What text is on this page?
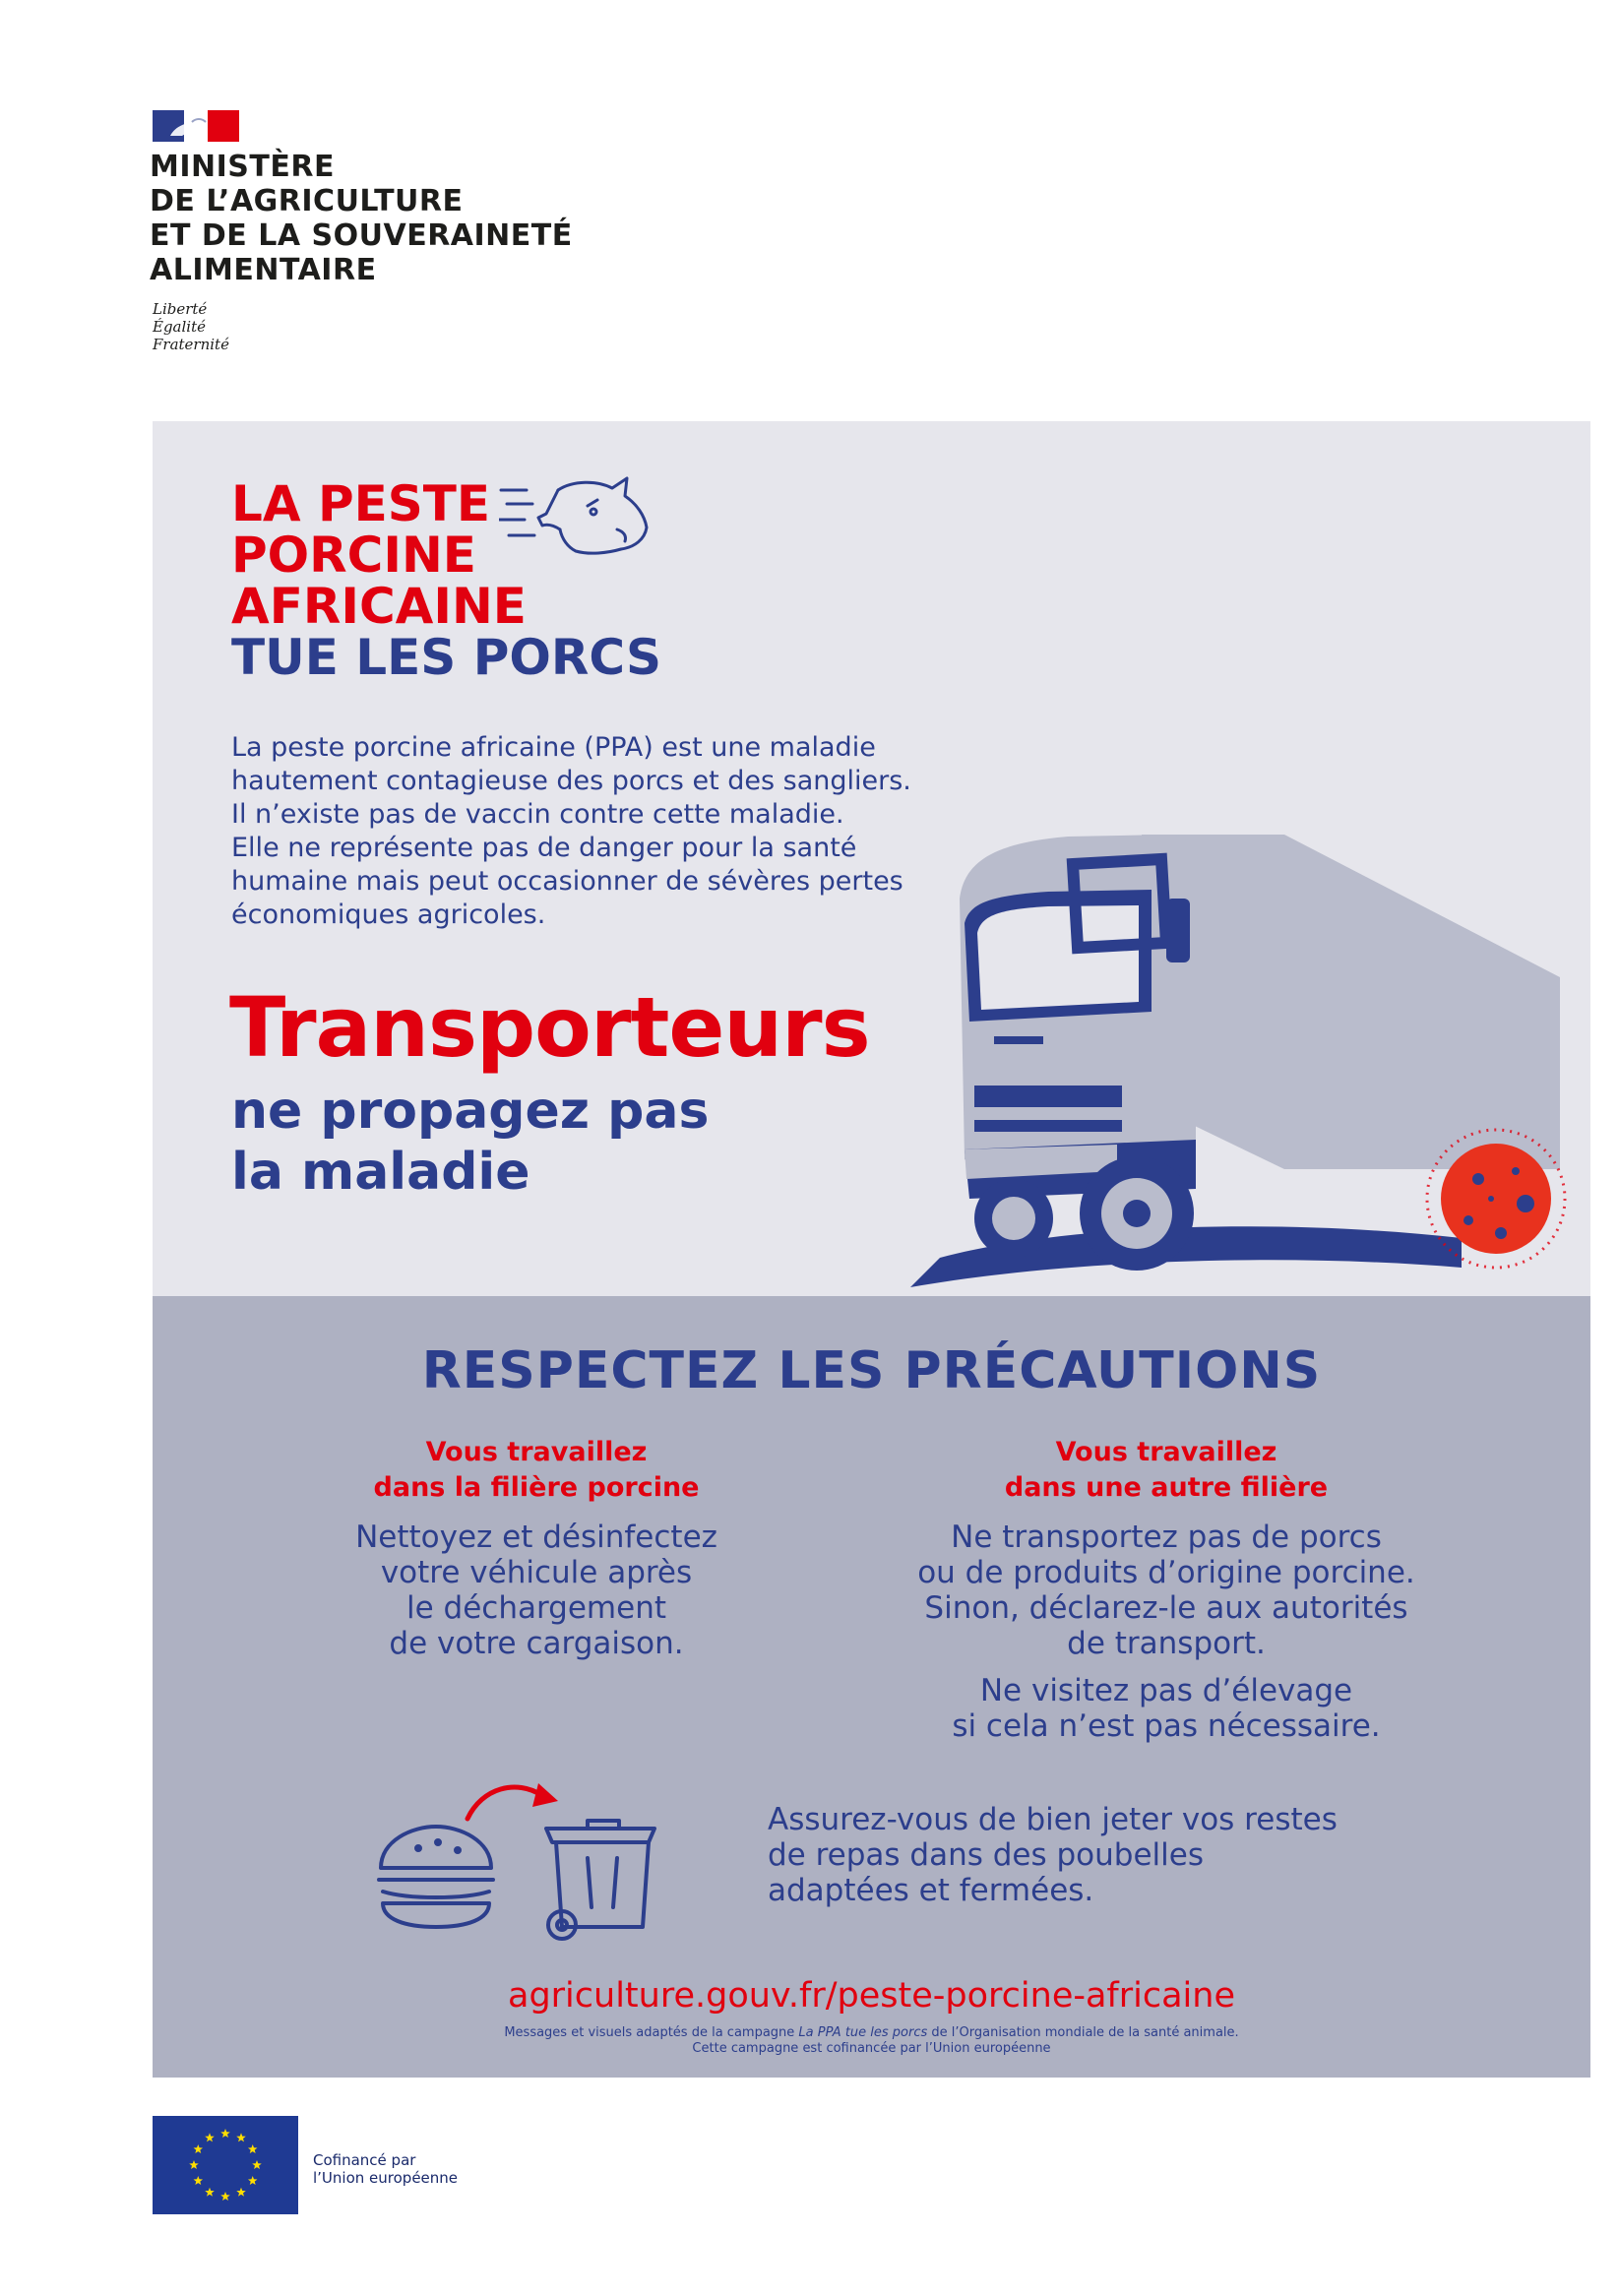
MINISTÈRE
DE L’AGRICULTURE
ET DE LA SOUVERAINETÉ
ALIMENTAIRE
Liberté
Égalité
Fraternité
LA PESTE
PORCINE
AFRICAINE
TUE LES PORCS
La peste porcine africaine (PPA) est une maladie
hautement contagieuse des porcs et des sangliers.
Il n’existe pas de vaccin contre cette maladie.
Elle ne représente pas de danger pour la santé
humaine mais peut occasionner de sévères pertes
économiques agricoles.
Transporteurs
ne propagez pas
la maladie
RESPECTEZ LES PRÉCAUTIONS
Vous travaillez
dans la filière porcine
Nettoyez et désinfectez
votre véhicule après
le déchargement
de votre cargaison.
Vous travaillez
dans une autre filière
Ne transportez pas de porcs
ou de produits d’origine porcine.
Sinon, déclarez-le aux autorités
de transport.
Ne visitez pas d’élevage
si cela n’est pas nécessaire.
Assurez-vous de bien jeter vos restes
de repas dans des poubelles
adaptées et fermées.
agriculture.gouv.fr/peste-porcine-africaine
Messages et visuels adaptés de la campagne La PPA tue les porcs de l’Organisation mondiale de la santé animale.
Cette campagne est cofinancée par l’Union européenne
Cofinancé par
l’Union européenne
